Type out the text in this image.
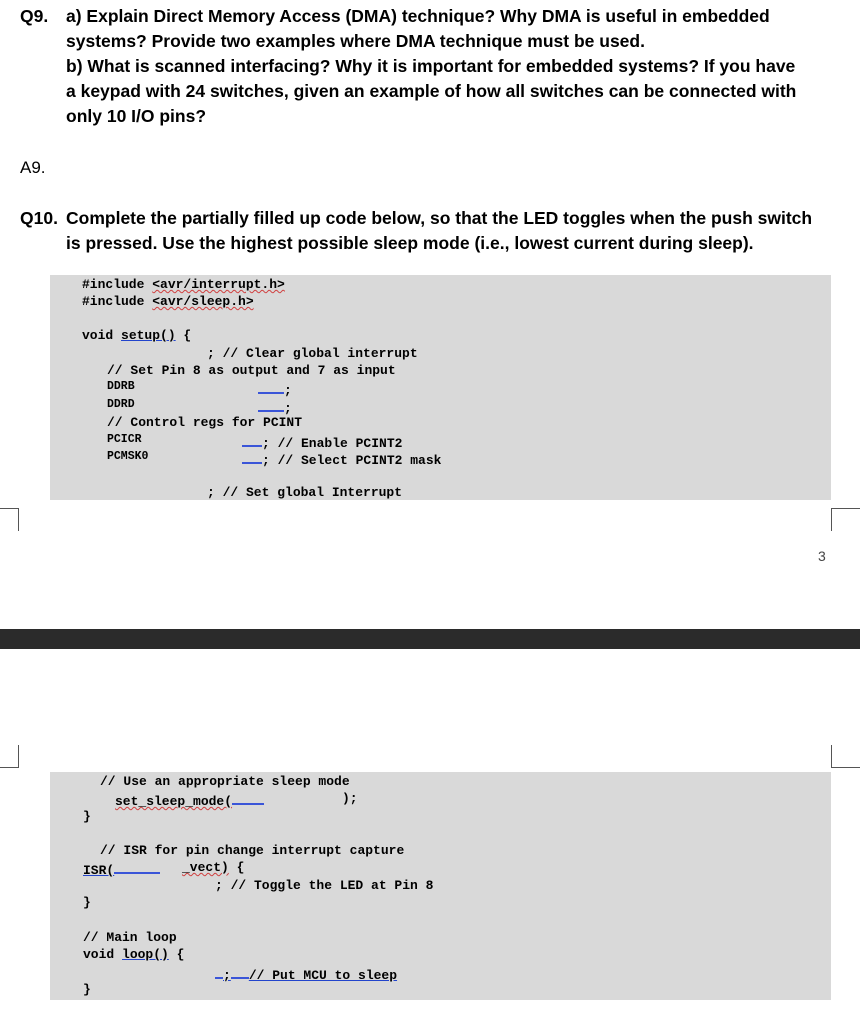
Q9. a) Explain Direct Memory Access (DMA) technique? Why DMA is useful in embedded
systems? Provide two examples where DMA technique must be used.
b) What is scanned interfacing? Why it is important for embedded systems? If you have
a keypad with 24 switches, given an example of how all switches can be connected with
only 10 I/O pins?
A9.
Q10. Complete the partially filled up code below, so that the LED toggles when the push switch
is pressed. Use the highest possible sleep mode (i.e., lowest current during sleep).
#include <avr/interrupt.h>
#include <avr/sleep.h>
void setup() {
; // Clear global interrupt
// Set Pin 8 as output and 7 as input
DDRB	;
DDRD	;
// Control regs for PCINT
PCICR	; // Enable PCINT2
PCMSK0	; // Select PCINT2 mask
; // Set global Interrupt
3
// Use an appropriate sleep mode
set_sleep_mode(	);
}
// ISR for pin change interrupt capture
ISR(	_vect) {
; // Toggle the LED at Pin 8
}
// Main loop
void loop() {
; // Put MCU to sleep
}
